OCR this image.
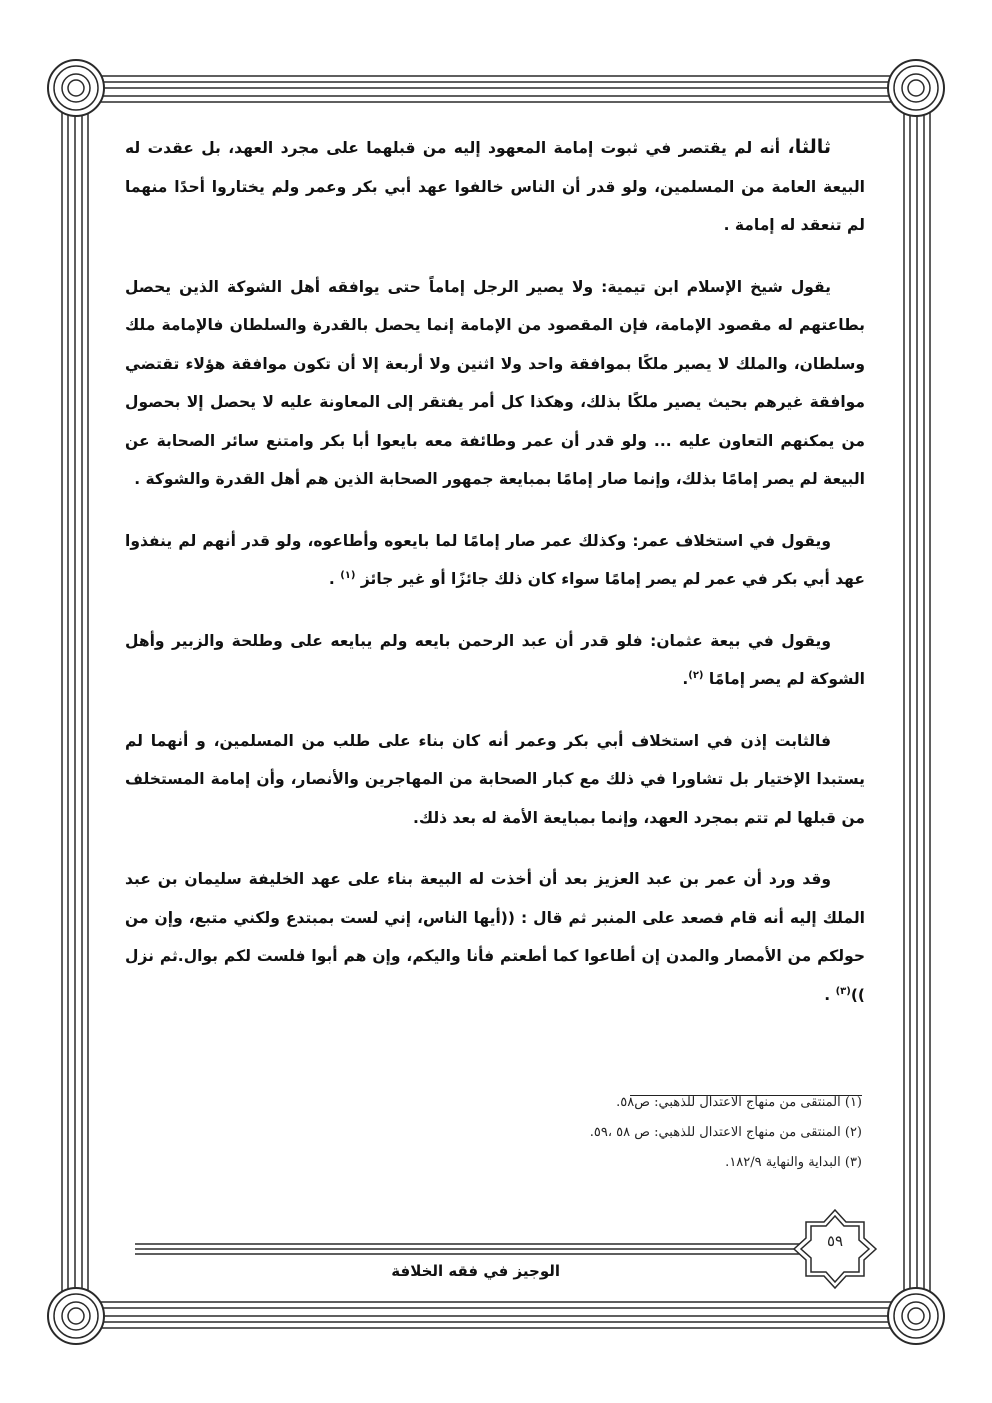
ثالثا، أنه لم يقتصر في ثبوت إمامة المعهود إليه من قبلهما على مجرد العهد، بل عقدت له البيعة العامة من المسلمين، ولو قدر أن الناس خالفوا عهد أبي بكر وعمر ولم يختاروا أحدًا منهما لم تنعقد له إمامة .

يقول شيخ الإسلام ابن تيمية: ولا يصير الرجل إماماً حتى يوافقه أهل الشوكة الذين يحصل بطاعتهم له مقصود الإمامة، فإن المقصود من الإمامة إنما يحصل بالقدرة والسلطان فالإمامة ملك وسلطان، والملك لا يصير ملكًا بموافقة واحد ولا اثنين ولا أربعة إلا أن تكون موافقة هؤلاء تقتضي موافقة غيرهم بحيث يصير ملكًا بذلك، وهكذا كل أمر يفتقر إلى المعاونة عليه لا يحصل إلا بحصول من يمكنهم التعاون عليه ... ولو قدر أن عمر وطائفة معه بايعوا أبا بكر وامتنع سائر الصحابة عن البيعة لم يصر إمامًا بذلك، وإنما صار إمامًا بمبايعة جمهور الصحابة الذين هم أهل القدرة والشوكة .

ويقول في استخلاف عمر: وكذلك عمر صار إمامًا لما بايعوه وأطاعوه، ولو قدر أنهم لم ينفذوا عهد أبي بكر في عمر لم يصر إمامًا سواء كان ذلك جائزًا أو غير جائز $^{(١)}$ .

ويقول في بيعة عثمان: فلو قدر أن عبد الرحمن بايعه ولم يبايعه على وطلحة والزبير وأهل الشوكة لم يصر إمامًا $^{(٢)}$.

فالثابت إذن في استخلاف أبي بكر وعمر أنه كان بناء على طلب من المسلمين، و أنهما لم يستبدا الإختيار بل تشاورا في ذلك مع كبار الصحابة من المهاجرين والأنصار، وأن إمامة المستخلف من قبلها لم تتم بمجرد العهد، وإنما بمبايعة الأمة له بعد ذلك.

وقد ورد أن عمر بن عبد العزيز بعد أن أخذت له البيعة بناء على عهد الخليفة سليمان بن عبد الملك إليه أنه قام فصعد على المنبر ثم قال : ((أيها الناس، إني لست بمبتدع ولكني متبع، وإن من حولكم من الأمصار والمدن إن أطاعوا كما أطعتم فأنا واليكم، وإن هم أبوا فلست لكم بوال.ثم نزل ))$^{(٣)}$ .

(١) المنتقى من منهاج الاعتدال للذهبي: ص٥٨.

(٢) المنتقى من منهاج الاعتدال للذهبي: ص ٥٨ ،٥٩.

(٣) البداية والنهاية ١٨٢/٩.

٥٩
الوجيز في فقه الخلافة
